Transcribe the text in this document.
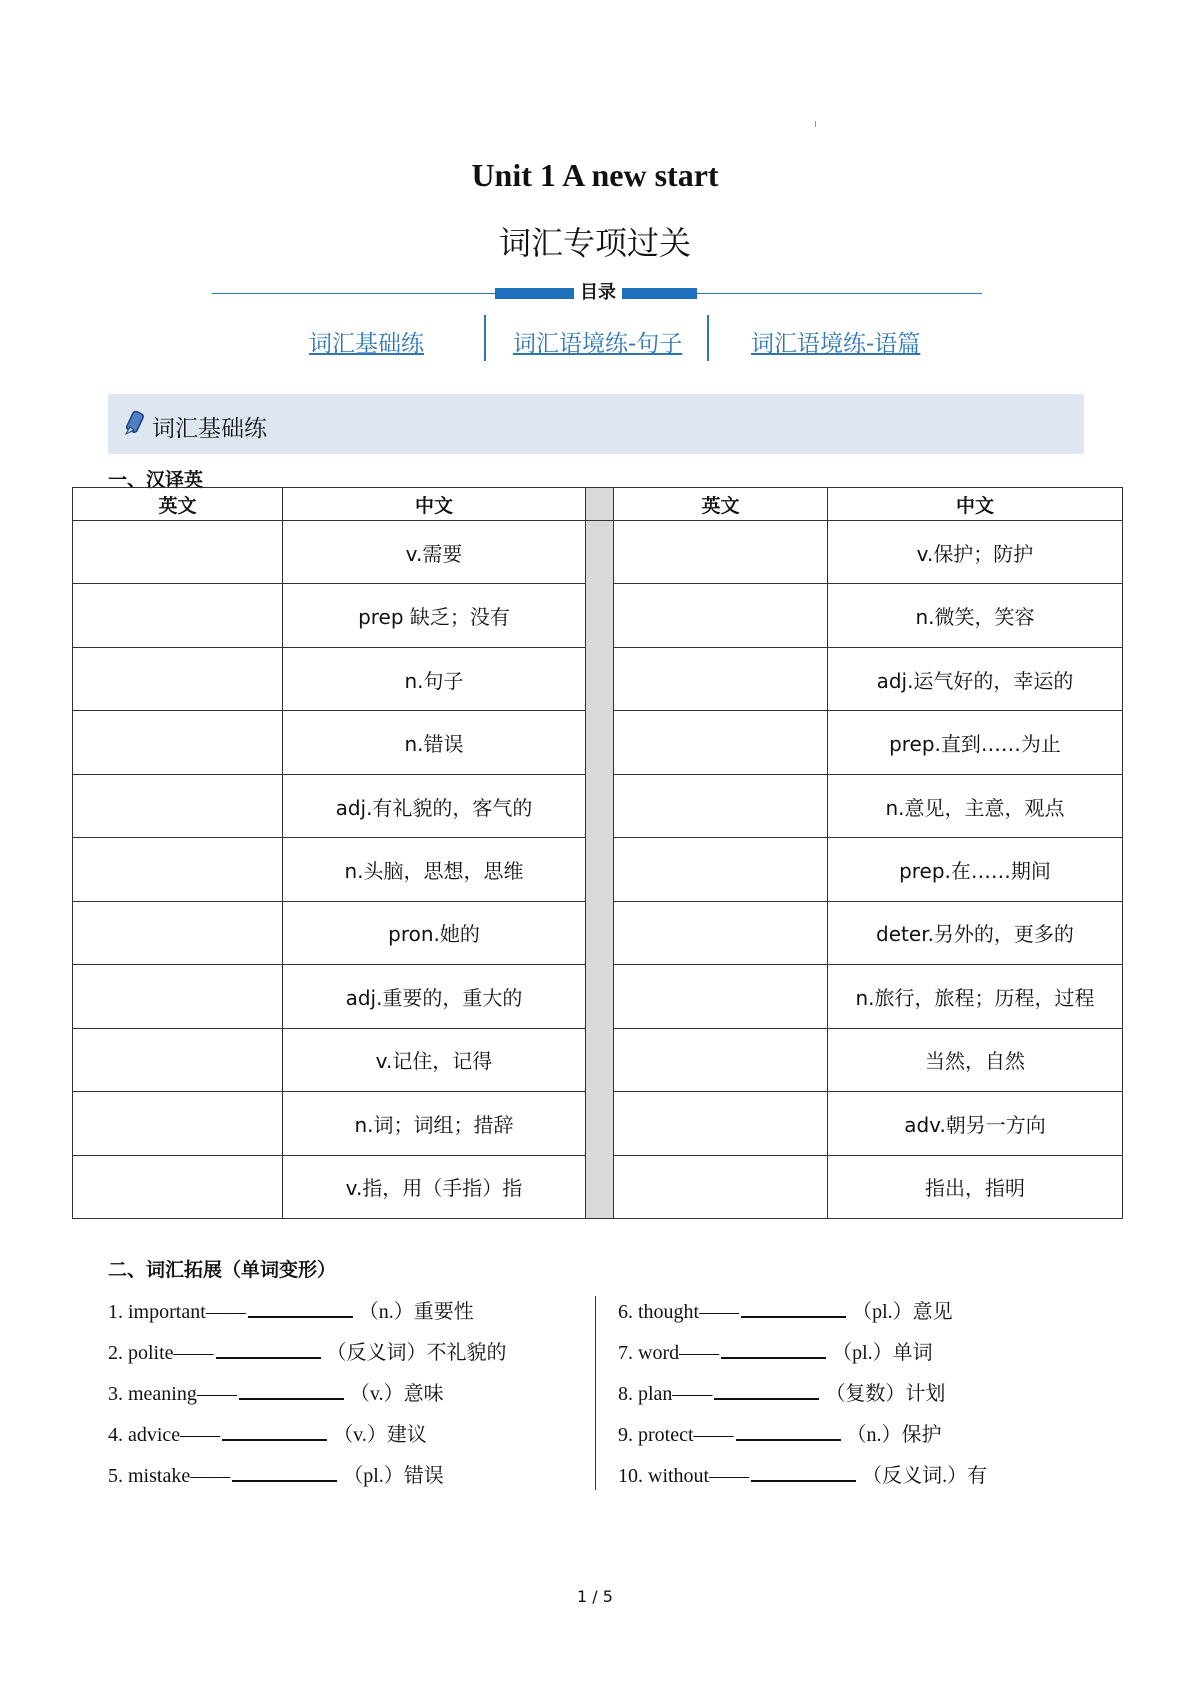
Unit 1 A new start
词汇专项过关
目录
词汇基础练	词汇语境练-句子	词汇语境练-语篇
词汇基础练
一、汉译英
英文	中文		英文	中文
	v.需要			v.保护；防护
	prep 缺乏；没有			n.微笑，笑容
	n.句子			adj.运气好的，幸运的
	n.错误			prep.直到……为止
	adj.有礼貌的，客气的			n.意见，主意，观点
	n.头脑，思想，思维			prep.在……期间
	pron.她的			deter.另外的，更多的
	adj.重要的，重大的			n.旅行，旅程；历程，过程
	v.记住，记得			当然，自然
	n.词；词组；措辞			adv.朝另一方向
	v.指，用（手指）指			指出，指明
二、词汇拓展（单词变形）
1. important——	（n.）重要性
2. polite——	（反义词）不礼貌的
3. meaning——	（v.）意味
4. advice——	（v.）建议
5. mistake——	（pl.）错误
6. thought——	（pl.）意见
7. word——	（pl.）单词
8. plan——	（复数）计划
9. protect——	（n.）保护
10. without——	（反义词.）有
1 / 5
